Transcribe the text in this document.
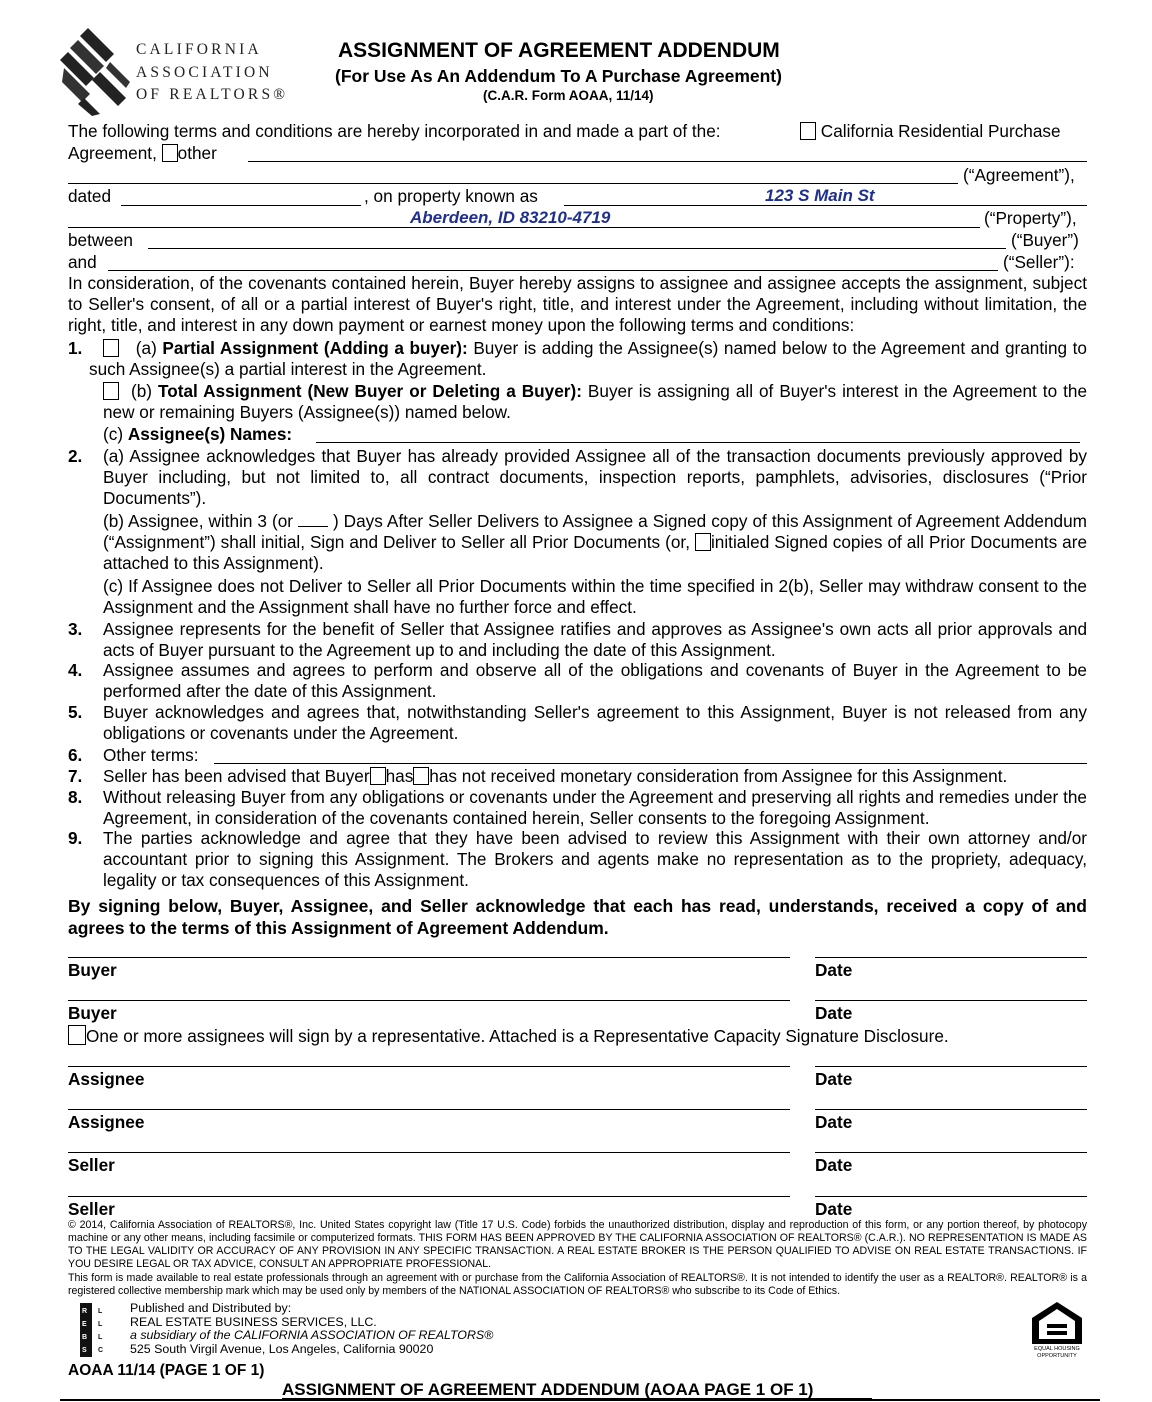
CALIFORNIA
ASSOCIATION
OF REALTORS®
ASSIGNMENT OF AGREEMENT ADDENDUM
(For Use As An Addendum To A Purchase Agreement)
(C.A.R. Form AOAA, 11/14)
The following terms and conditions are hereby incorporated in and made a part of the:	California Residential Purchase
Agreement, other
(“Agreement”),
dated	, on property known as	123 S Main St
Aberdeen, ID 83210-4719	(“Property”),
between	(“Buyer”)
and	(“Seller”):
In consideration, of the covenants contained herein, Buyer hereby assigns to assignee and assignee accepts the assignment, subject to Seller's consent, of all or a partial interest of Buyer's right, title, and interest under the Agreement, including without limitation, the right, title, and interest in any down payment or earnest money upon the following terms and conditions:
1.	(a) Partial Assignment (Adding a buyer): Buyer is adding the Assignee(s) named below to the Agreement and granting to such Assignee(s) a partial interest in the Agreement.
(b) Total Assignment (New Buyer or Deleting a Buyer): Buyer is assigning all of Buyer's interest in the Agreement to the new or remaining Buyers (Assignee(s)) named below.
(c) Assignee(s) Names:
2. (a) Assignee acknowledges that Buyer has already provided Assignee all of the transaction documents previously approved by Buyer including, but not limited to, all contract documents, inspection reports, pamphlets, advisories, disclosures (“Prior Documents”).
(b) Assignee, within 3 (or ) Days After Seller Delivers to Assignee a Signed copy of this Assignment of Agreement Addendum (“Assignment”) shall initial, Sign and Deliver to Seller all Prior Documents (or, initialed Signed copies of all Prior Documents are attached to this Assignment).
(c) If Assignee does not Deliver to Seller all Prior Documents within the time specified in 2(b), Seller may withdraw consent to the Assignment and the Assignment shall have no further force and effect.
3. Assignee represents for the benefit of Seller that Assignee ratifies and approves as Assignee's own acts all prior approvals and acts of Buyer pursuant to the Agreement up to and including the date of this Assignment.
4. Assignee assumes and agrees to perform and observe all of the obligations and covenants of Buyer in the Agreement to be performed after the date of this Assignment.
5. Buyer acknowledges and agrees that, notwithstanding Seller's agreement to this Assignment, Buyer is not released from any obligations or covenants under the Agreement.
6. Other terms:
7. Seller has been advised that Buyer has has not received monetary consideration from Assignee for this Assignment.
8. Without releasing Buyer from any obligations or covenants under the Agreement and preserving all rights and remedies under the Agreement, in consideration of the covenants contained herein, Seller consents to the foregoing Assignment.
9. The parties acknowledge and agree that they have been advised to review this Assignment with their own attorney and/or accountant prior to signing this Assignment. The Brokers and agents make no representation as to the propriety, adequacy, legality or tax consequences of this Assignment.
By signing below, Buyer, Assignee, and Seller acknowledge that each has read, understands, received a copy of and agrees to the terms of this Assignment of Agreement Addendum.
Buyer	Date
Buyer	Date
One or more assignees will sign by a representative. Attached is a Representative Capacity Signature Disclosure.
Assignee	Date
Assignee	Date
Seller	Date
Seller	Date
© 2014, California Association of REALTORS®, Inc. United States copyright law (Title 17 U.S. Code) forbids the unauthorized distribution, display and reproduction of this form, or any portion thereof, by photocopy machine or any other means, including facsimile or computerized formats. THIS FORM HAS BEEN APPROVED BY THE CALIFORNIA ASSOCIATION OF REALTORS® (C.A.R.). NO REPRESENTATION IS MADE AS TO THE LEGAL VALIDITY OR ACCURACY OF ANY PROVISION IN ANY SPECIFIC TRANSACTION. A REAL ESTATE BROKER IS THE PERSON QUALIFIED TO ADVISE ON REAL ESTATE TRANSACTIONS. IF YOU DESIRE LEGAL OR TAX ADVICE, CONSULT AN APPROPRIATE PROFESSIONAL.
This form is made available to real estate professionals through an agreement with or purchase from the California Association of REALTORS®. It is not intended to identify the user as a REALTOR®. REALTOR® is a registered collective membership mark which may be used only by members of the NATIONAL ASSOCIATION OF REALTORS® who subscribe to its Code of Ethics.
R
E
B
S
L
L
L
C
Published and Distributed by:
REAL ESTATE BUSINESS SERVICES, LLC.
a subsidiary of the CALIFORNIA ASSOCIATION OF REALTORS®
525 South Virgil Avenue, Los Angeles, California 90020
AOAA 11/14 (PAGE 1 OF 1)
ASSIGNMENT OF AGREEMENT ADDENDUM (AOAA PAGE 1 OF 1)
EQUAL HOUSING
OPPORTUNITY
